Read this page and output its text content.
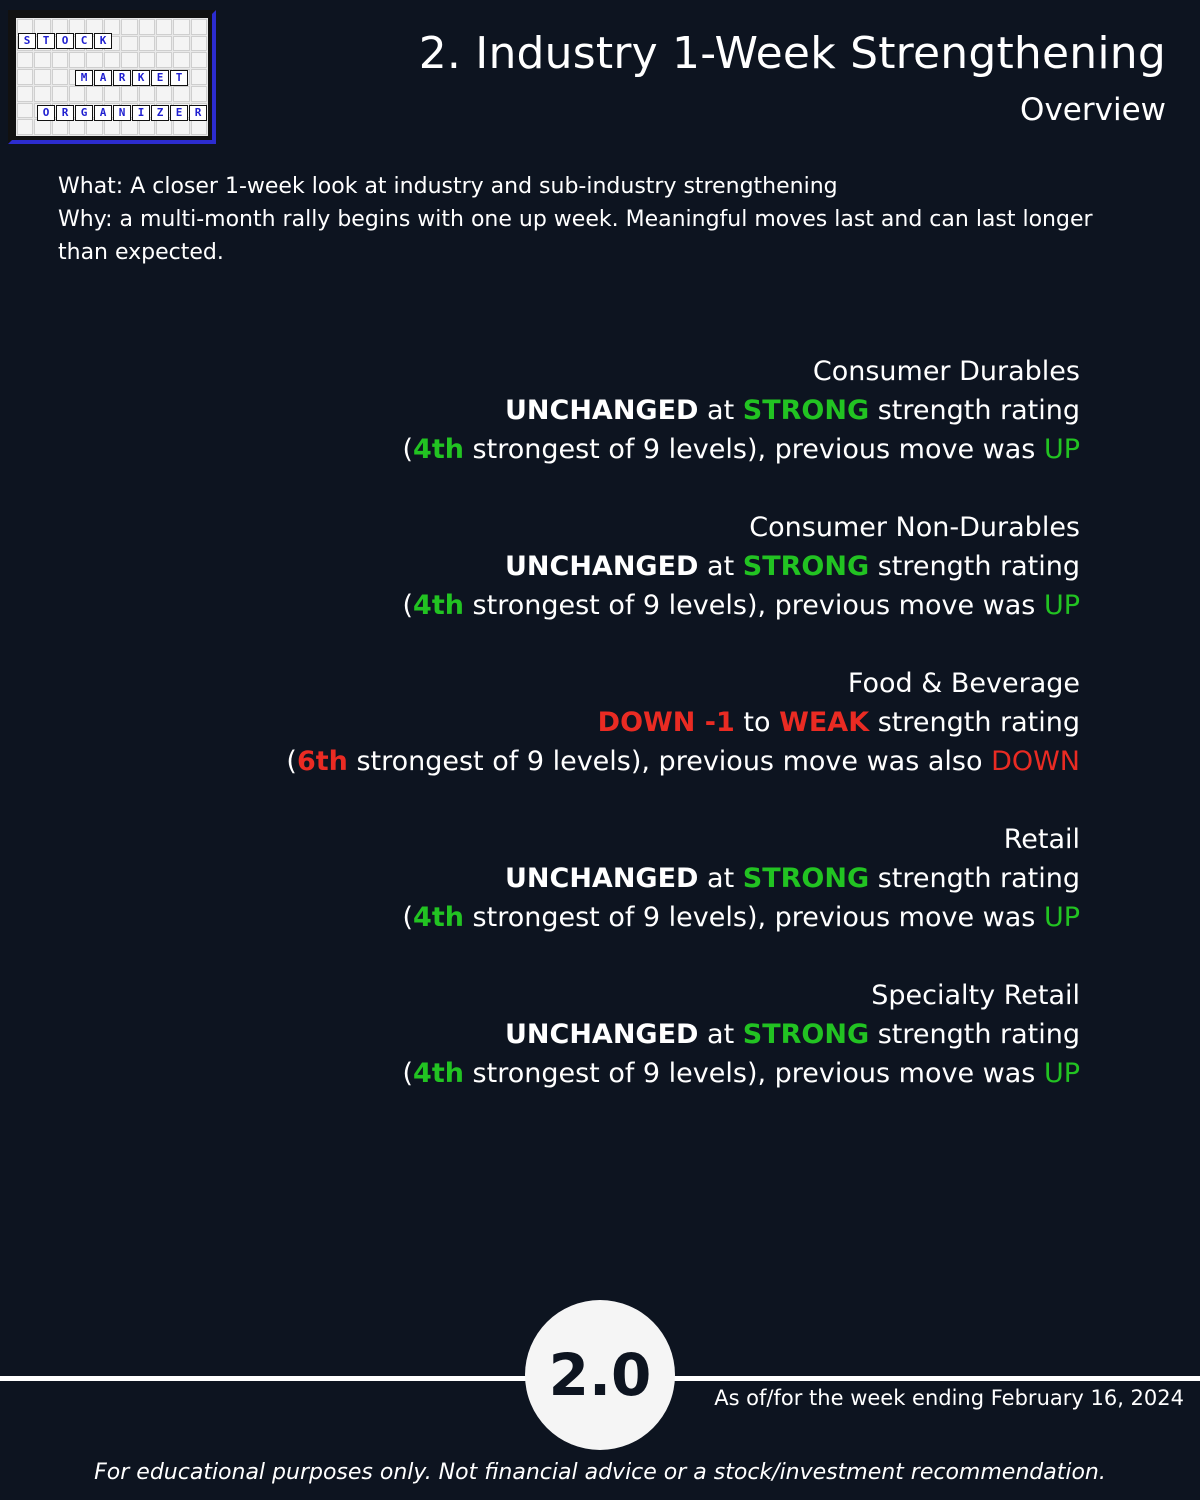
S	T	O	C	K
M	A	R	K	E	T
O	R	G	A	N	I	Z	E	R
2. Industry 1-Week Strengthening
Overview
What: A closer 1-week look at industry and sub-industry strengthening
Why: a multi-month rally begins with one up week. Meaningful moves last and can last longer than expected.
Consumer Durables
UNCHANGED at STRONG strength rating
(4th strongest of 9 levels), previous move was UP
Consumer Non-Durables
UNCHANGED at STRONG strength rating
(4th strongest of 9 levels), previous move was UP
Food & Beverage
DOWN -1 to WEAK strength rating
(6th strongest of 9 levels), previous move was also DOWN
Retail
UNCHANGED at STRONG strength rating
(4th strongest of 9 levels), previous move was UP
Specialty Retail
UNCHANGED at STRONG strength rating
(4th strongest of 9 levels), previous move was UP
2.0	As of/for the week ending February 16, 2024
For educational purposes only. Not financial advice or a stock/investment recommendation.
